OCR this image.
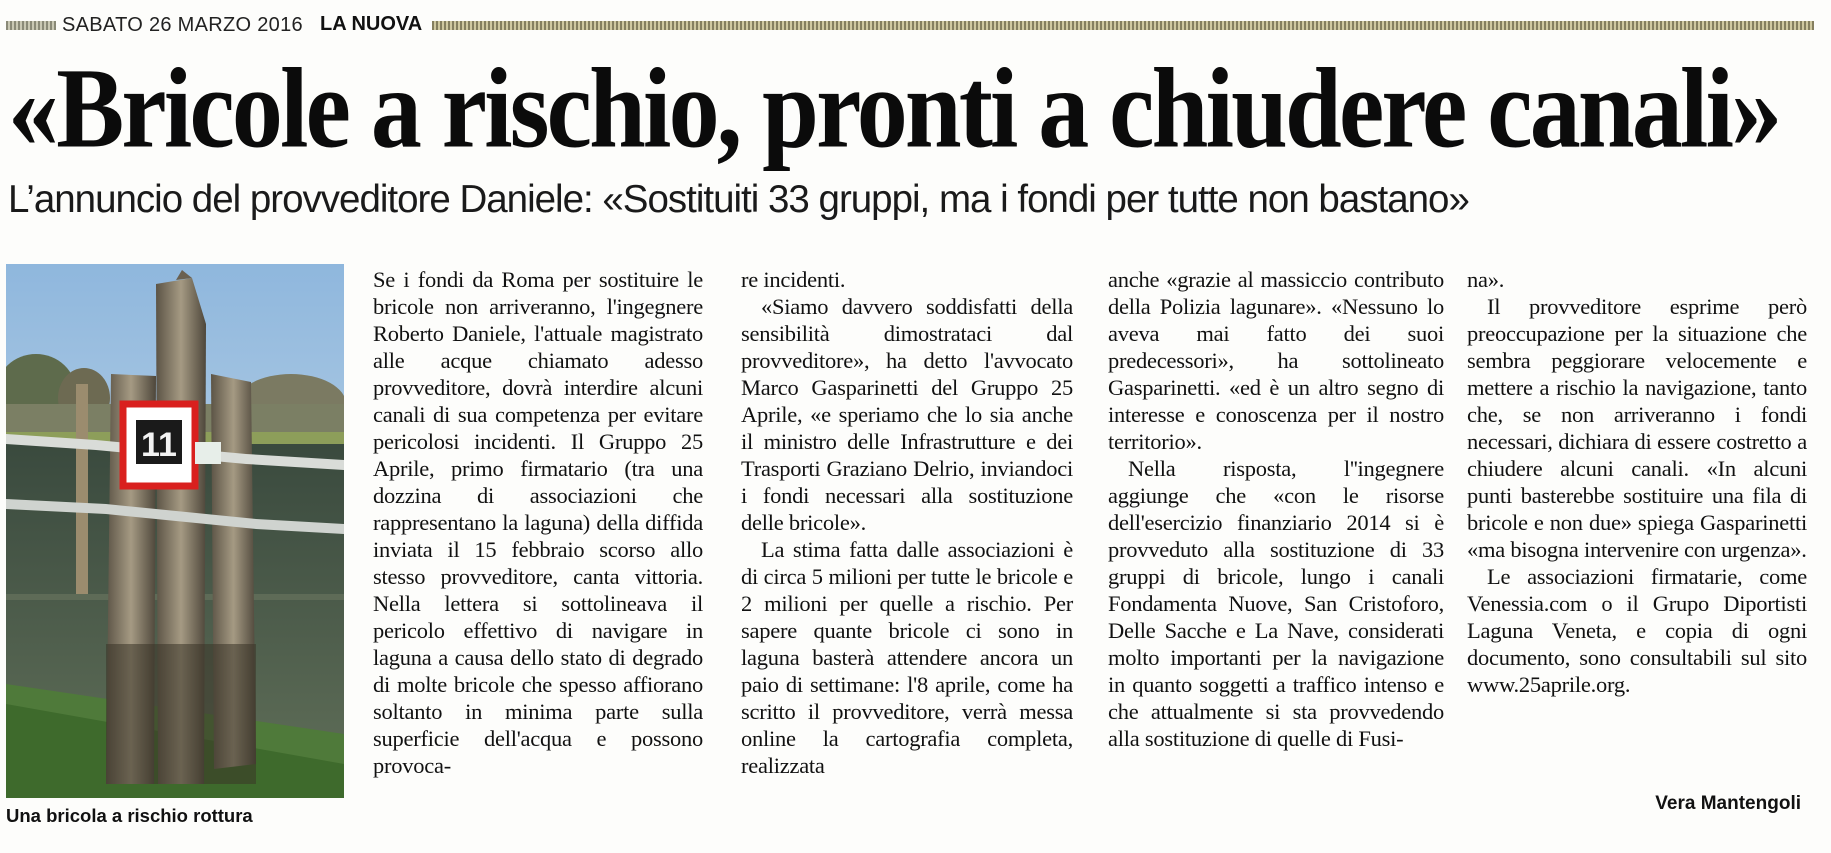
SABATO 26 MARZO 2016 LA NUOVA
«Bricole a rischio, pronti a chiudere canali»
L’annuncio del provveditore Daniele: «Sostituiti 33 gruppi, ma i fondi per tutte non bastano»
11
Una bricola a rischio rottura

Se i fondi da Roma per sostituire le bricole non arriveranno, l'ingegnere Roberto Daniele, l'attuale magistrato alle acque chiamato adesso provveditore, dovrà interdire alcuni canali di sua competenza per evitare pericolosi incidenti. Il Gruppo 25 Aprile, primo firmatario (tra una dozzina di associazioni che rappresentano la laguna) della diffida inviata il 15 febbraio scorso allo stesso provveditore, canta vittoria. Nella lettera si sottolineava il pericolo effettivo di navigare in laguna a causa dello stato di degrado di molte bricole che spesso affiorano soltanto in minima parte sulla superficie dell'acqua e possono provoca-

re incidenti.

«Siamo davvero soddisfatti della sensibilità dimostrataci dal provveditore», ha detto l'avvocato Marco Gasparinetti del Gruppo 25 Aprile, «e speriamo che lo sia anche il ministro delle Infrastrutture e dei Trasporti Graziano Delrio, inviandoci i fondi necessari alla sostituzione delle bricole».

La stima fatta dalle associazioni è di circa 5 milioni per tutte le bricole e 2 milioni per quelle a rischio. Per sapere quante bricole ci sono in laguna basterà attendere ancora un paio di settimane: l'8 aprile, come ha scritto il provveditore, verrà messa online la cartografia completa, realizzata

anche «grazie al massiccio contributo della Polizia lagunare». «Nessuno lo aveva mai fatto dei suoi predecessori», ha sottolineato Gasparinetti. «ed è un altro segno di interesse e conoscenza per il nostro territorio».

Nella risposta, l''ingegnere aggiunge che «con le risorse dell'esercizio finanziario 2014 si è provveduto alla sostituzione di 33 gruppi di bricole, lungo i canali Fondamenta Nuove, San Cristoforo, Delle Sacche e La Nave, considerati molto importanti per la navigazione in quanto soggetti a traffico intenso e che attualmente si sta provvedendo alla sostituzione di quelle di Fusi-

na».

Il provveditore esprime però preoccupazione per la situazione che sembra peggiorare velocemente e mettere a rischio la navigazione, tanto che, se non arriveranno i fondi necessari, dichiara di essere costretto a chiudere alcuni canali. «In alcuni punti basterebbe sostituire una fila di bricole e non due» spiega Gasparinetti «ma bisogna intervenire con urgenza».

Le associazioni firmatarie, come Venessia.com o il Grupo Diportisti Laguna Veneta, e copia di ogni documento, sono consultabili sul sito www.25aprile.org.

Vera Mantengoli
